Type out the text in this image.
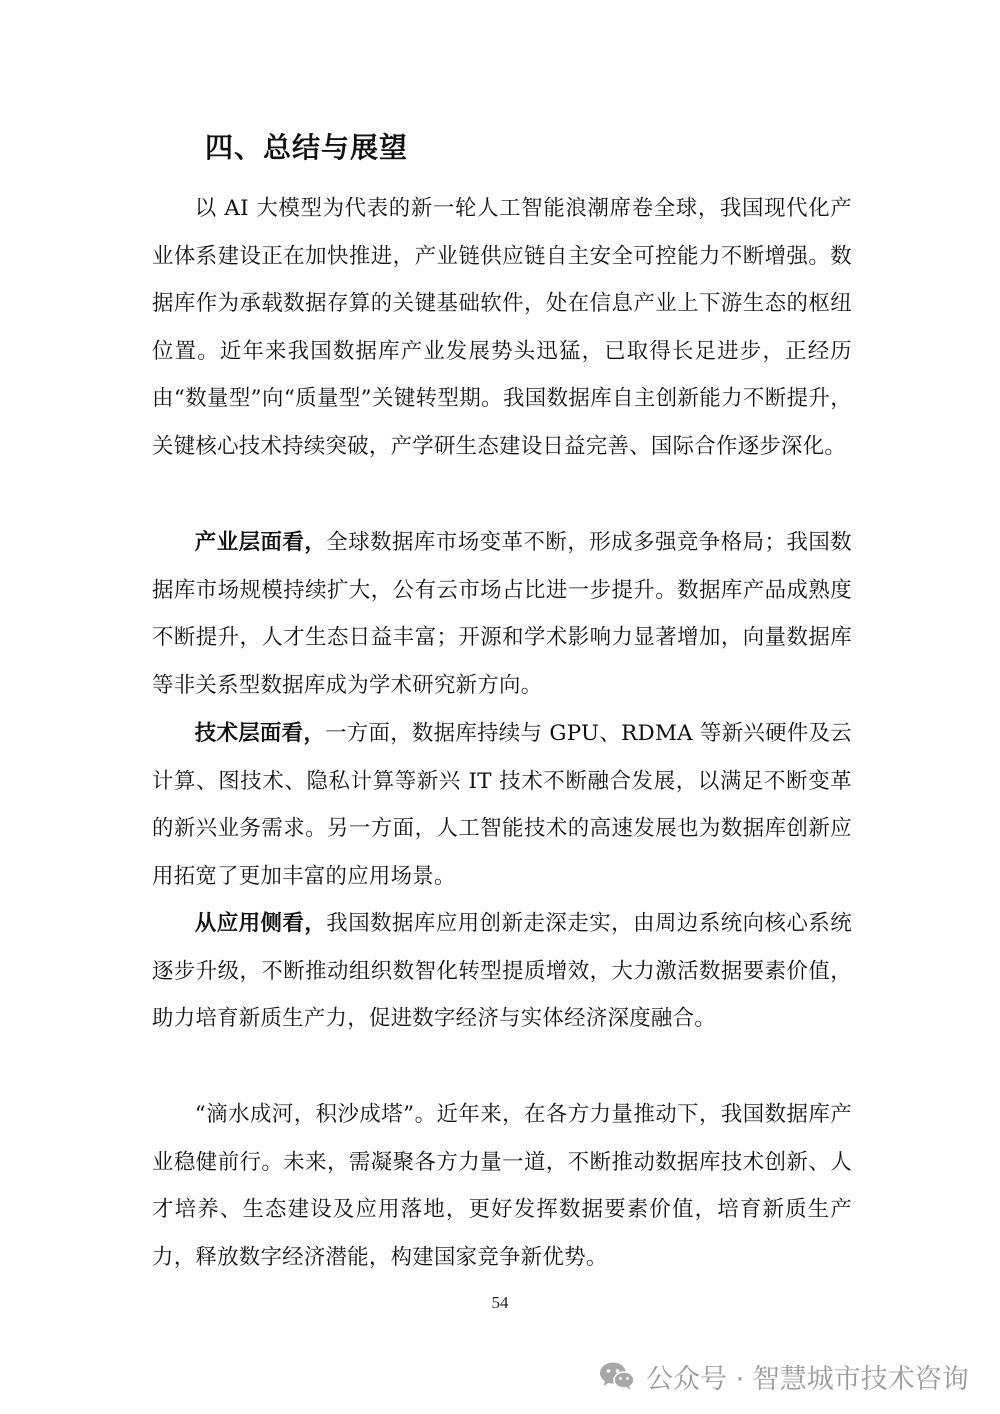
四、总结与展望

以 AI 大模型为代表的新一轮人工智能浪潮席卷全球，我国现代化产业体系建设正在加快推进，产业链供应链自主安全可控能力不断增强。数据库作为承载数据存算的关键基础软件，处在信息产业上下游生态的枢纽位置。近年来我国数据库产业发展势头迅猛，已取得长足进步，正经历由“数量型”向“质量型”关键转型期。我国数据库自主创新能力不断提升，关键核心技术持续突破，产学研生态建设日益完善、国际合作逐步深化。

产业层面看，全球数据库市场变革不断，形成多强竞争格局；我国数据库市场规模持续扩大，公有云市场占比进一步提升。数据库产品成熟度不断提升，人才生态日益丰富；开源和学术影响力显著增加，向量数据库等非关系型数据库成为学术研究新方向。

技术层面看，一方面，数据库持续与 GPU、RDMA 等新兴硬件及云计算、图技术、隐私计算等新兴 IT 技术不断融合发展，以满足不断变革的新兴业务需求。另一方面，人工智能技术的高速发展也为数据库创新应用拓宽了更加丰富的应用场景。

从应用侧看，我国数据库应用创新走深走实，由周边系统向核心系统逐步升级，不断推动组织数智化转型提质增效，大力激活数据要素价值，助力培育新质生产力，促进数字经济与实体经济深度融合。

“滴水成河，积沙成塔”。近年来，在各方力量推动下，我国数据库产业稳健前行。未来，需凝聚各方力量一道，不断推动数据库技术创新、人才培养、生态建设及应用落地，更好发挥数据要素价值，培育新质生产力，释放数字经济潜能，构建国家竞争新优势。

54
公众号 · 智慧城市技术咨询
